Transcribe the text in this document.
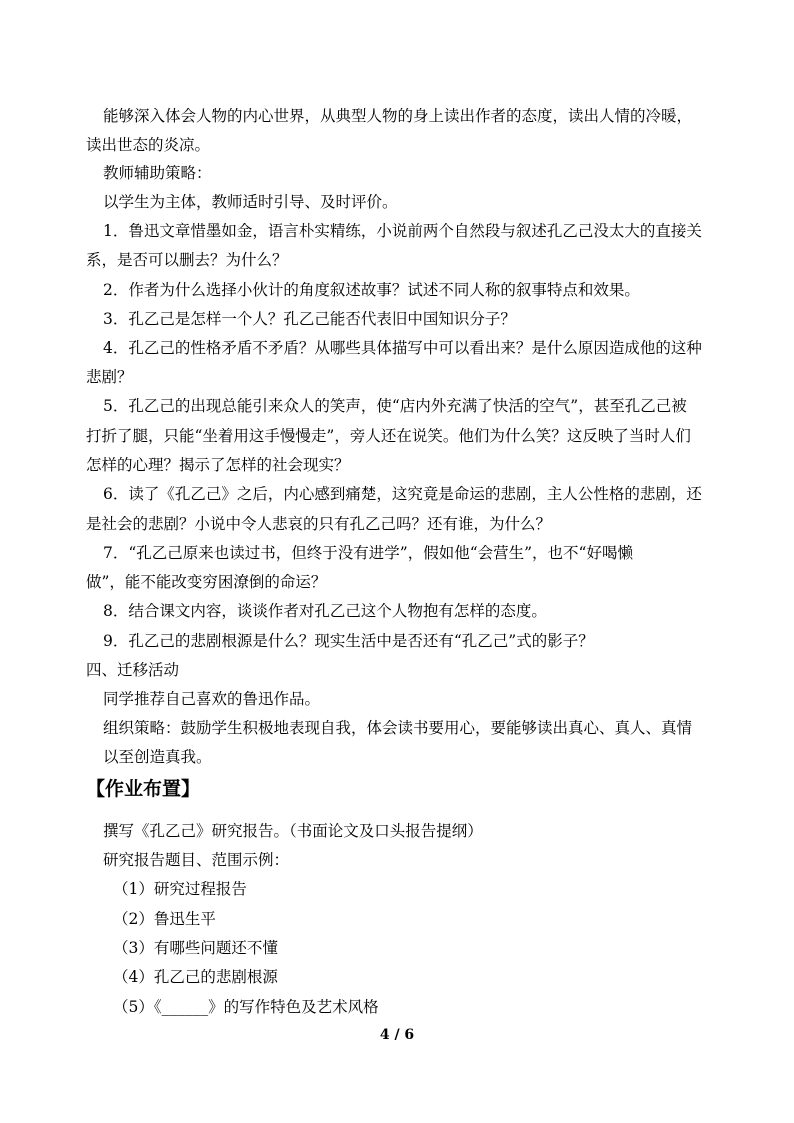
能够深入体会人物的内心世界，从典型人物的身上读出作者的态度，读出人情的冷暖，
读出世态的炎凉。
教师辅助策略：
以学生为主体，教师适时引导、及时评价。
1．鲁迅文章惜墨如金，语言朴实精练，小说前两个自然段与叙述孔乙己没太大的直接关
系，是否可以删去？为什么？
2．作者为什么选择小伙计的角度叙述故事？试述不同人称的叙事特点和效果。
3．孔乙己是怎样一个人？孔乙己能否代表旧中国知识分子？
4．孔乙己的性格矛盾不矛盾？从哪些具体描写中可以看出来？是什么原因造成他的这种
悲剧？
5．孔乙己的出现总能引来众人的笑声，使“店内外充满了快活的空气”，甚至孔乙己被
打折了腿，只能“坐着用这手慢慢走”，旁人还在说笑。他们为什么笑？这反映了当时人们
怎样的心理？揭示了怎样的社会现实？
6．读了《孔乙己》之后，内心感到痛楚，这究竟是命运的悲剧，主人公性格的悲剧，还
是社会的悲剧？小说中令人悲哀的只有孔乙己吗？还有谁，为什么？
7．“孔乙己原来也读过书，但终于没有进学”，假如他“会营生”，也不“好喝懒
做”，能不能改变穷困潦倒的命运？
8．结合课文内容，谈谈作者对孔乙己这个人物抱有怎样的态度。
9．孔乙己的悲剧根源是什么？现实生活中是否还有“孔乙己”式的影子？
四、迁移活动
同学推荐自己喜欢的鲁迅作品。
组织策略：鼓励学生积极地表现自我，体会读书要用心，要能够读出真心、真人、真情
以至创造真我。
【作业布置】
撰写《孔乙己》研究报告。（书面论文及口头报告提纲）
研究报告题目、范围示例：
（1）研究过程报告
（2）鲁迅生平
（3）有哪些问题还不懂
（4）孔乙己的悲剧根源
（5）《______》的写作特色及艺术风格
4 / 6
